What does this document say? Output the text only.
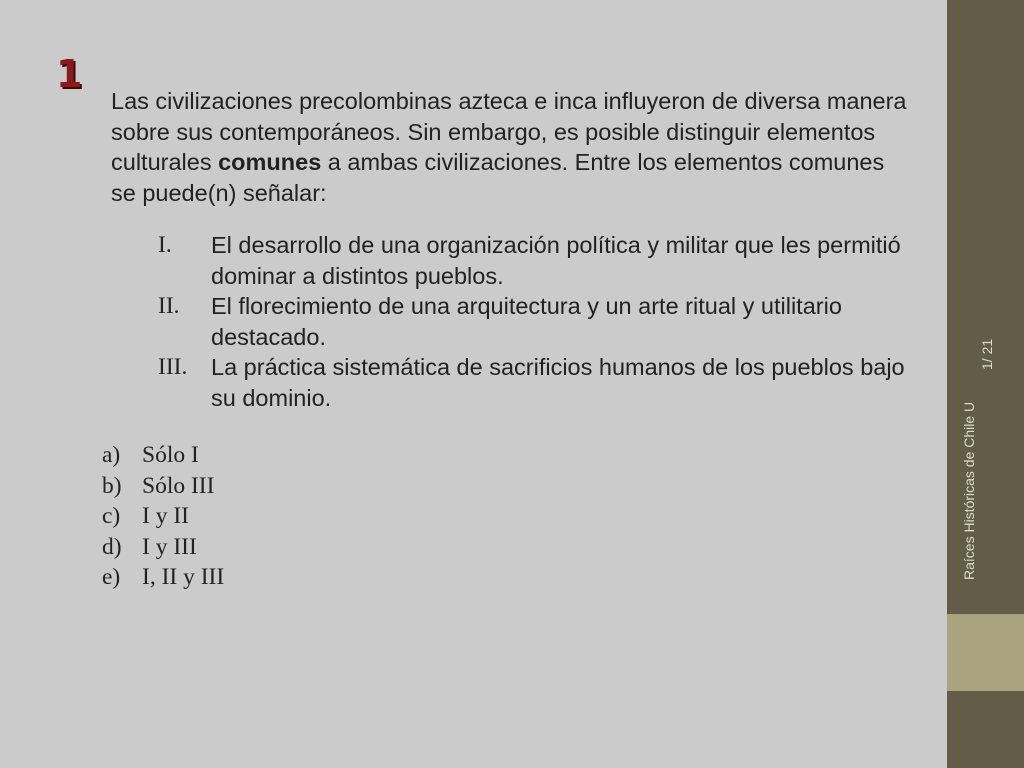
1
Las civilizaciones precolombinas azteca e inca influyeron de diversa manera sobre sus contemporáneos. Sin embargo, es posible distinguir elementos culturales comunes a ambas civilizaciones. Entre los elementos comunes se puede(n) señalar:
I. El desarrollo de una organización política y militar que les permitió dominar a distintos pueblos.
II. El florecimiento de una arquitectura y un arte ritual y utilitario destacado.
III. La práctica sistemática de sacrificios humanos de los pueblos bajo su dominio.
a) Sólo I
b) Sólo III
c) I y II
d) I y III
e) I, II y III	Raíces Históricas de Chile U
1/ 21
